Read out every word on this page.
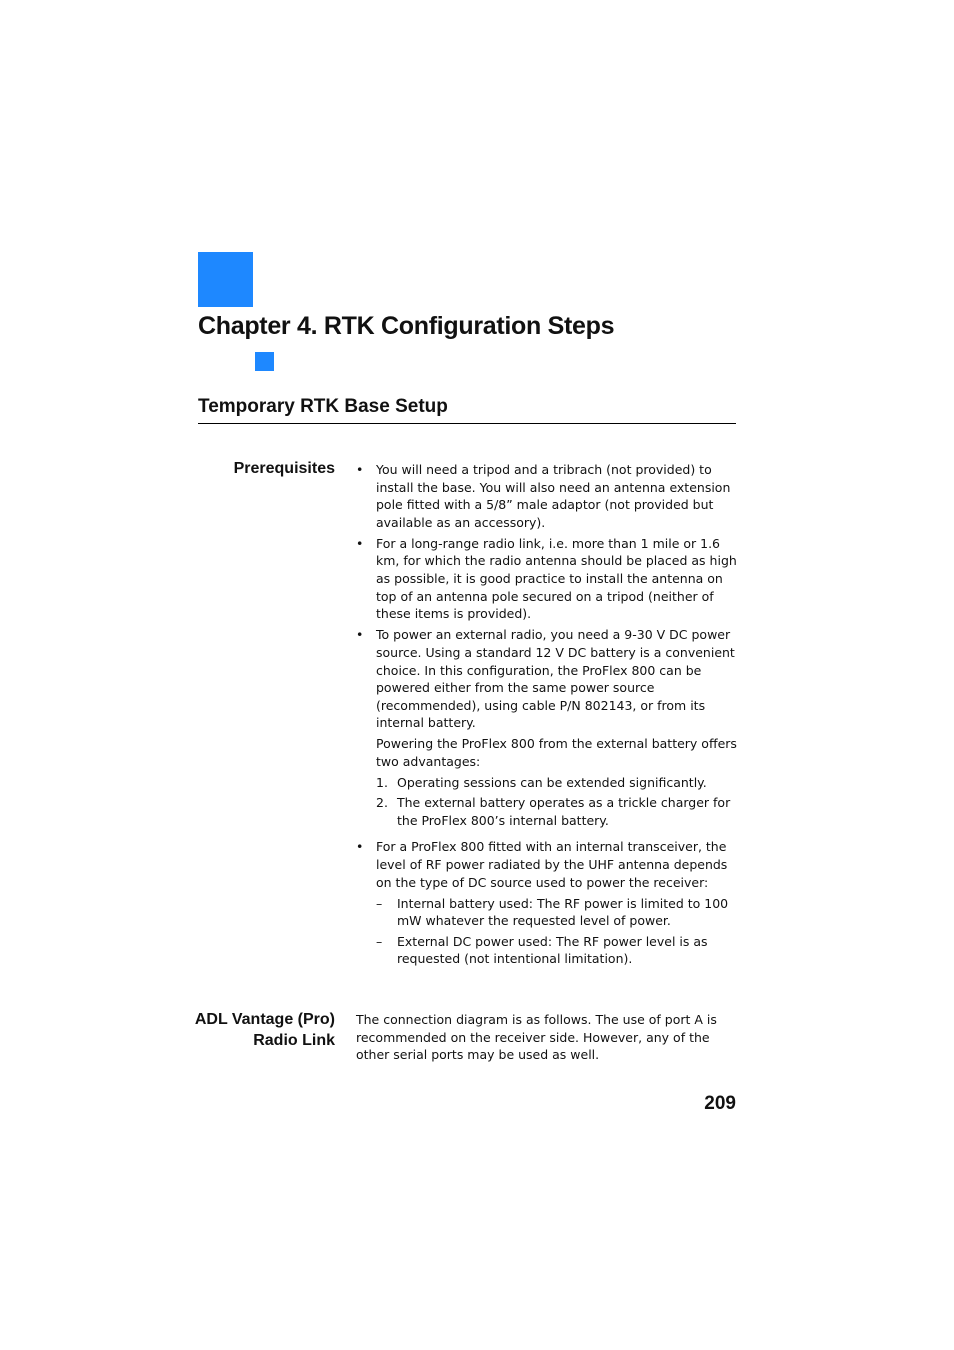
Chapter 4. RTK Configuration Steps
Temporary RTK Base Setup
Prerequisites •	You will need a tripod and a tribrach (not provided) to install the base. You will also need an antenna extension pole fitted with a 5/8” male adaptor (not provided but available as an accessory).
•	For a long-range radio link, i.e. more than 1 mile or 1.6 km, for which the radio antenna should be placed as high as possible, it is good practice to install the antenna on top of an antenna pole secured on a tripod (neither of these items is provided).
•	To power an external radio, you need a 9-30 V DC power source. Using a standard 12 V DC battery is a convenient choice. In this configuration, the ProFlex 800 can be powered either from the same power source (recommended), using cable P/N 802143, or from its internal battery.
Powering the ProFlex 800 from the external battery offers two advantages:
1. Operating sessions can be extended significantly.
2. The external battery operates as a trickle charger for the ProFlex 800’s internal battery.
•	For a ProFlex 800 fitted with an internal transceiver, the level of RF power radiated by the UHF antenna depends on the type of DC source used to power the receiver:
– Internal battery used: The RF power is limited to 100 mW whatever the requested level of power.
– External DC power used: The RF power level is as requested (not intentional limitation).
ADL Vantage (Pro)
Radio Link
The connection diagram is as follows. The use of port A is recommended on the receiver side. However, any of the other serial ports may be used as well.
209
